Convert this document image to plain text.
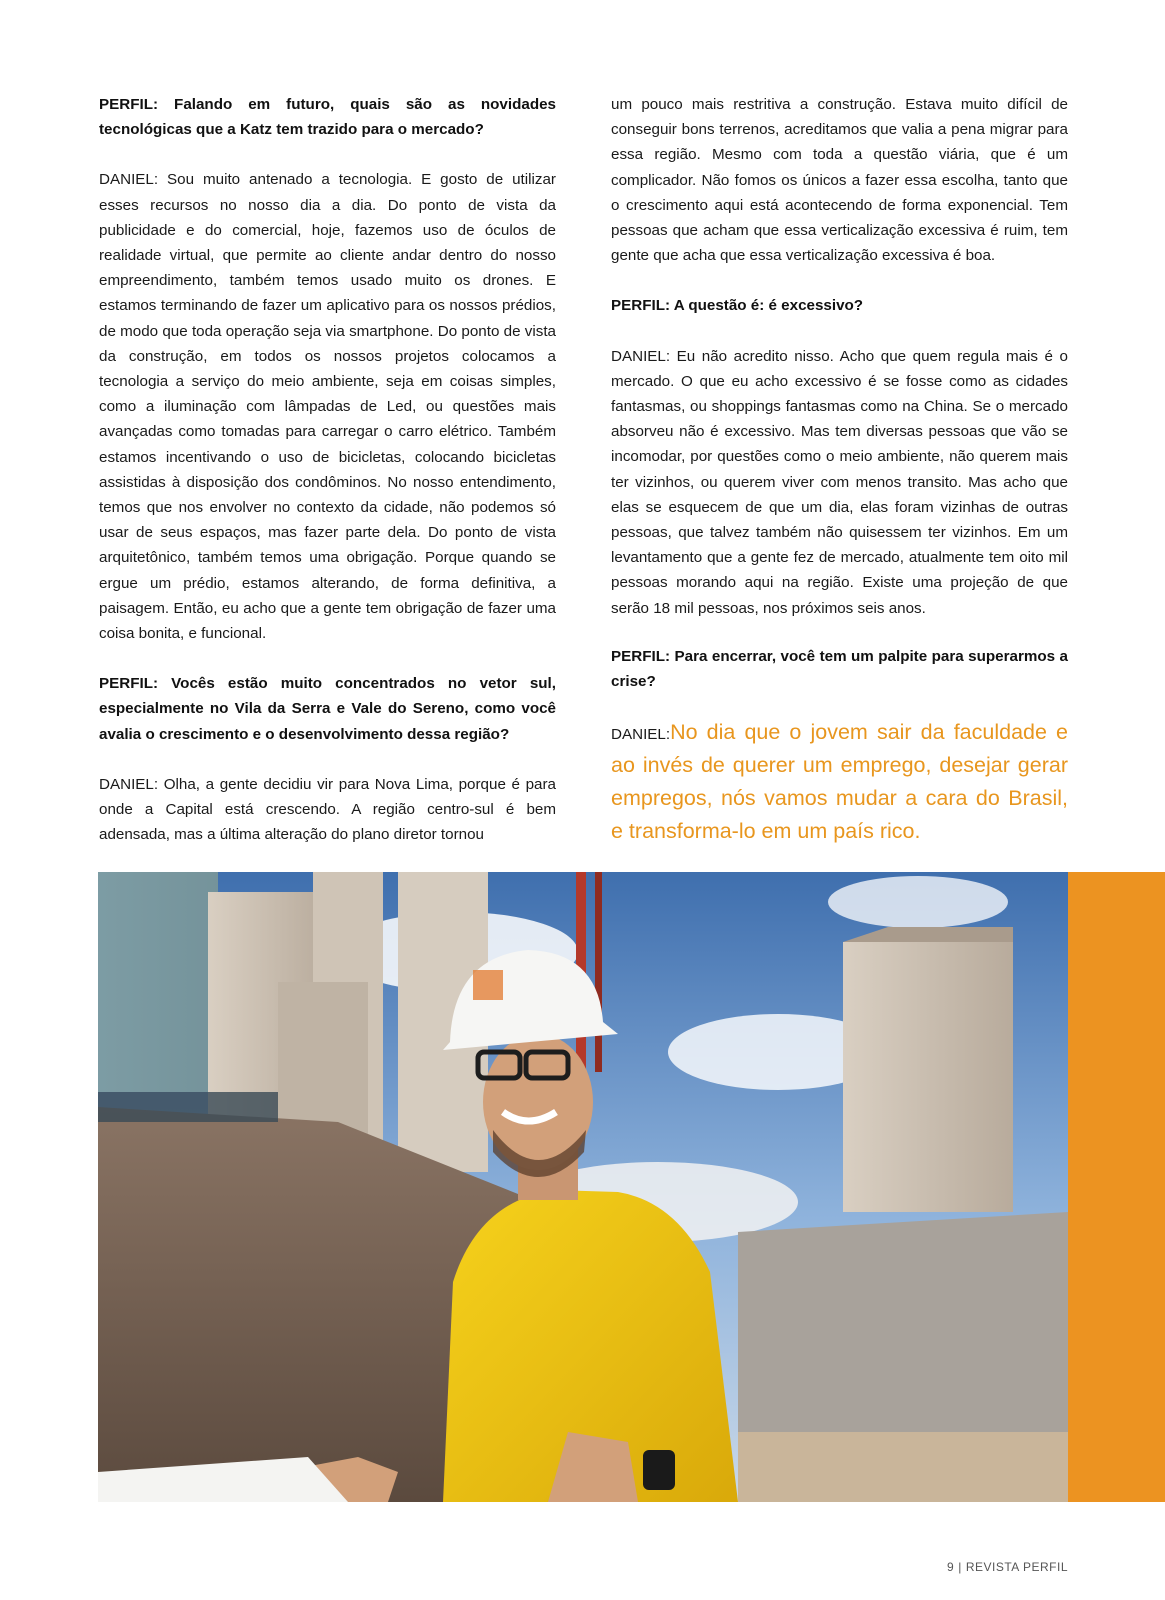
PERFIL: Falando em futuro, quais são as novidades tecnológicas que a Katz tem trazido para o mercado?

DANIEL: Sou muito antenado a tecnologia. E gosto de utilizar esses recursos no nosso dia a dia. Do ponto de vista da publicidade e do comercial, hoje, fazemos uso de óculos de realidade virtual, que permite ao cliente andar dentro do nosso empreendimento, também temos usado muito os drones. E estamos terminando de fazer um aplicativo para os nossos prédios, de modo que toda operação seja via smartphone. Do ponto de vista da construção, em todos os nossos projetos colocamos a tecnologia a serviço do meio ambiente, seja em coisas simples, como a iluminação com lâmpadas de Led, ou questões mais avançadas como tomadas para carregar o carro elétrico. Também estamos incentivando o uso de bicicletas, colocando bicicletas assistidas à disposição dos condôminos. No nosso entendimento, temos que nos envolver no contexto da cidade, não podemos só usar de seus espaços, mas fazer parte dela. Do ponto de vista arquitetônico, também temos uma obrigação. Porque quando se ergue um prédio, estamos alterando, de forma definitiva, a paisagem. Então, eu acho que a gente tem obrigação de fazer uma coisa bonita, e funcional.

PERFIL: Vocês estão muito concentrados no vetor sul, especialmente no Vila da Serra e Vale do Sereno, como você avalia o crescimento e o desenvolvimento dessa região?

DANIEL: Olha, a gente decidiu vir para Nova Lima, porque é para onde a Capital está crescendo. A região centro-sul é bem adensada, mas a última alteração do plano diretor tornou

um pouco mais restritiva a construção. Estava muito difícil de conseguir bons terrenos, acreditamos que valia a pena migrar para essa região. Mesmo com toda a questão viária, que é um complicador. Não fomos os únicos a fazer essa escolha, tanto que o crescimento aqui está acontecendo de forma exponencial. Tem pessoas que acham que essa verticalização excessiva é ruim, tem gente que acha que essa verticalização excessiva é boa.

PERFIL: A questão é: é excessivo?

DANIEL: Eu não acredito nisso. Acho que quem regula mais é o mercado. O que eu acho excessivo é se fosse como as cidades fantasmas, ou shoppings fantasmas como na China. Se o mercado absorveu não é excessivo. Mas tem diversas pessoas que vão se incomodar, por questões como o meio ambiente, não querem mais ter vizinhos, ou querem viver com menos transito. Mas acho que elas se esquecem de que um dia, elas foram vizinhas de outras pessoas, que talvez também não quisessem ter vizinhos. Em um levantamento que a gente fez de mercado, atualmente tem oito mil pessoas morando aqui na região. Existe uma projeção de que serão 18 mil pessoas, nos próximos seis anos.

PERFIL: Para encerrar, você tem um palpite para superarmos a crise?

DANIEL:No dia que o jovem sair da faculdade e ao invés de querer um emprego, desejar gerar empregos, nós vamos mudar a cara do Brasil, e transforma-lo em um país rico.

9 | REVISTA PERFIL
